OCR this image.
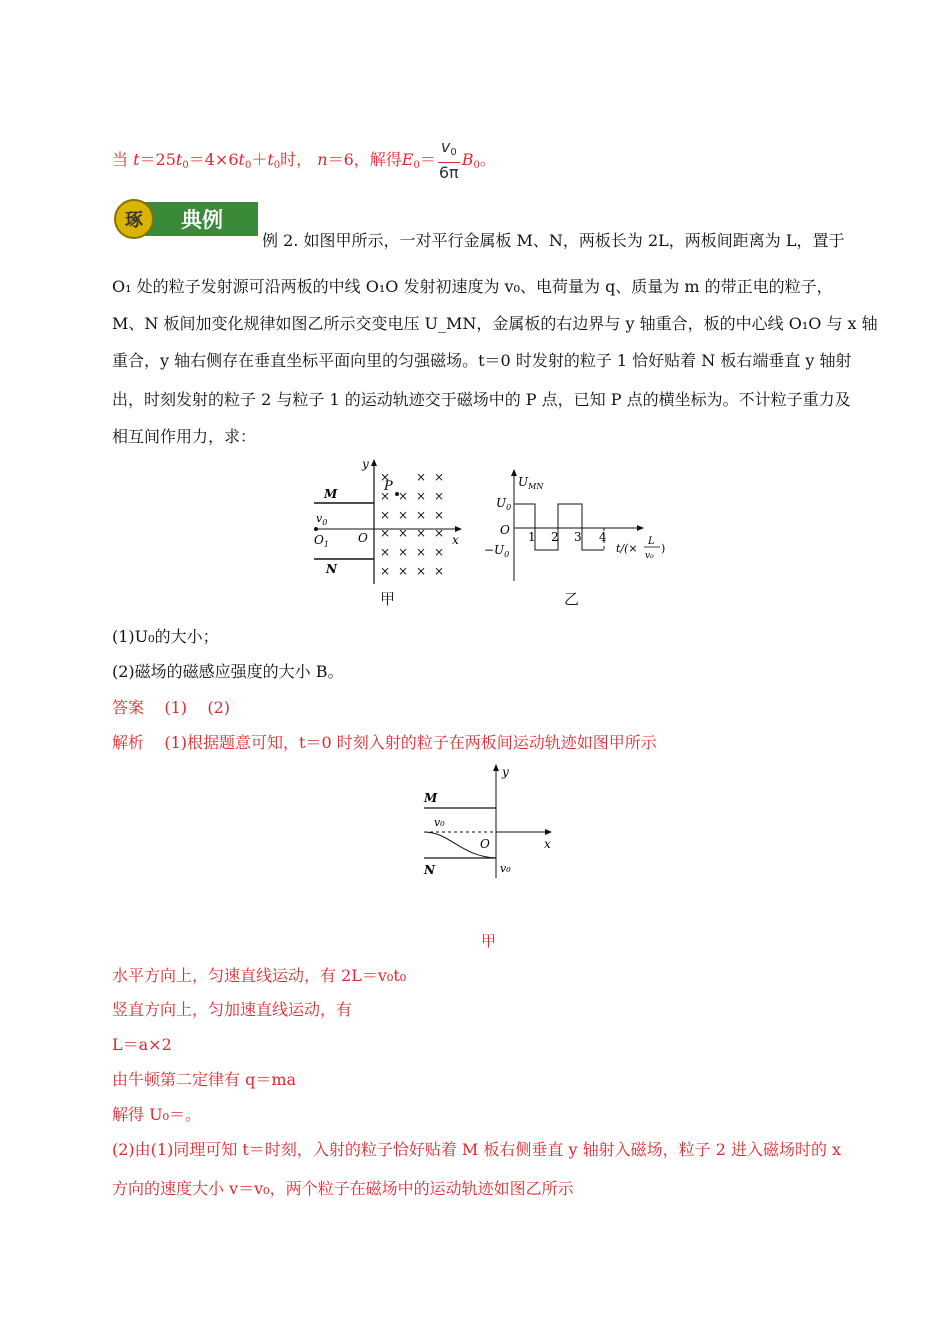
当 $t=25t_0=4\times 6t_0+t_0$时， n＝6，解得$E_0= \frac{v_0}{6\pi} B_0$。
琢 典例
例 2. 如图甲所示，一对平行金属板 M、N，两板长为 2L，两板间距离为 L，置于
O₁ 处的粒子发射源可沿两板的中线 O₁O 发射初速度为 v₀、电荷量为 q、质量为 m 的带正电的粒子，
M、N 板间加变化规律如图乙所示交变电压 U_MN，金属板的右边界与 y 轴重合，板的中心线 O₁O 与 x 轴
重合，y 轴右侧存在垂直坐标平面向里的匀强磁场。t＝0 时发射的粒子 1 恰好贴着 N 板右端垂直 y 轴射
出，时刻发射的粒子 2 与粒子 1 的运动轨迹交于磁场中的 P 点，已知 P 点的横坐标为。不计粒子重力及
相互间作用力，求：
y
x
M
N
O
$O_1$
$v_0$
P
× × ×
× × × ×
× × × ×
× × × ×
× × × ×
× × × ×
甲
$U_{MN}$
$U_0$
O
$-U_0$
1 2 3 4
t/(×
L
v₀
)
乙
(1)U₀的大小；
(2)磁场的磁感应强度的大小 B。
答案 (1) (2)
解析 (1)根据题意可知，t＝0 时刻入射的粒子在两板间运动轨迹如图甲所示
y
x
M
N
v₀
O
v₀
甲
水平方向上，匀速直线运动，有 2L＝v₀t₀
竖直方向上，匀加速直线运动，有
L＝a×2
由牛顿第二定律有 q＝ma
解得 U₀＝。
(2)由(1)同理可知 t＝时刻，入射的粒子恰好贴着 M 板右侧垂直 y 轴射入磁场，粒子 2 进入磁场时的 x
方向的速度大小 v＝v₀，两个粒子在磁场中的运动轨迹如图乙所示
